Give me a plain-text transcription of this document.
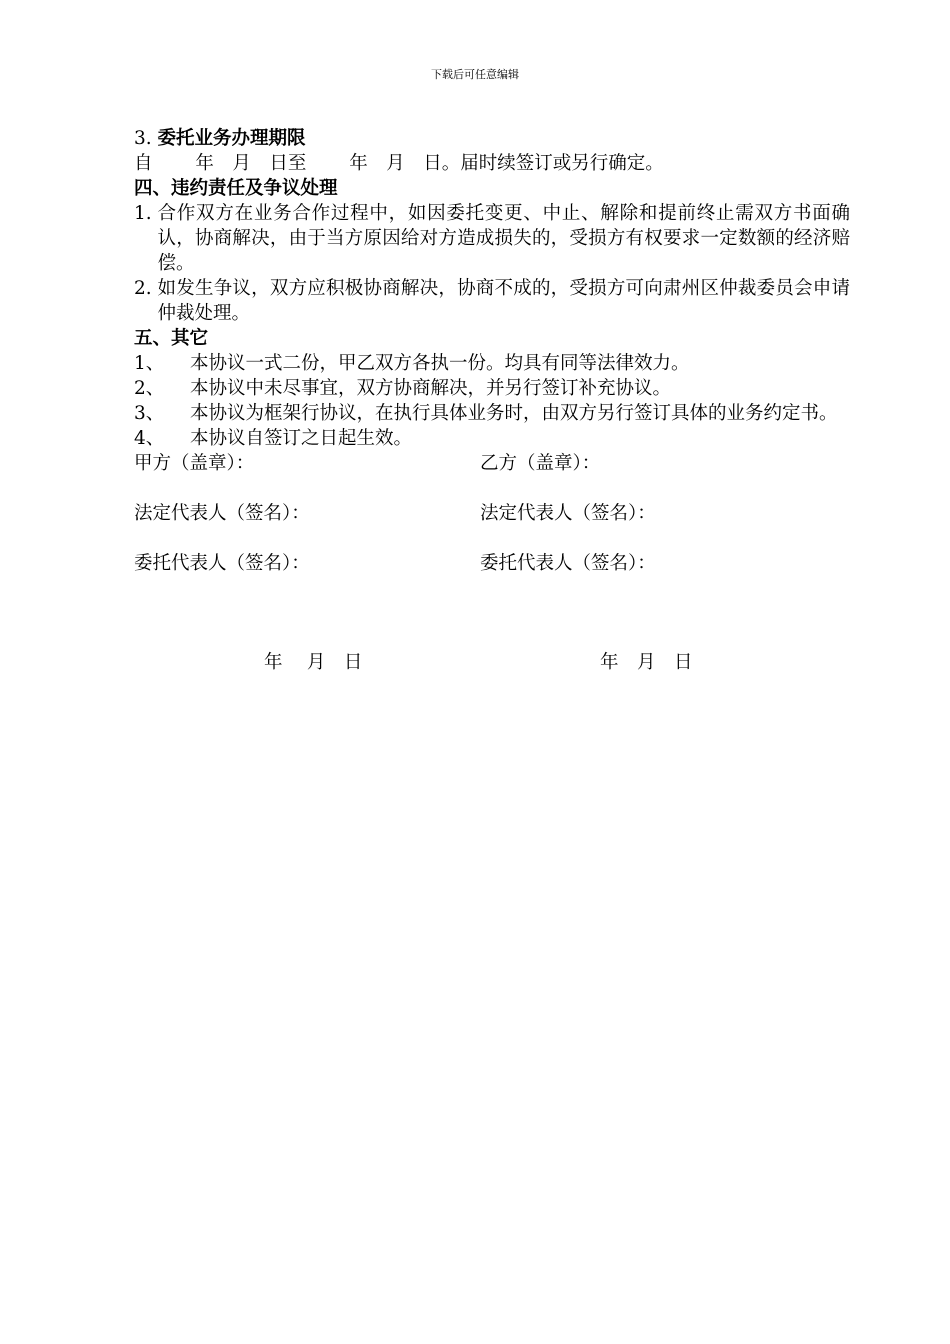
下载后可任意编辑
3. 委托业务办理期限
自　　 年　月　日至　　 年　月　日。届时续签订或另行确定。
四、违约责任及争议处理
1.
合作双方在业务合作过程中，如因委托变更、中止、解除和提前终止需双方书面确认，协商解决，由于当方原因给对方造成损失的，受损方有权要求一定数额的经济赔偿。
2.
如发生争议，双方应积极协商解决，协商不成的，受损方可向肃州区仲裁委员会申请仲裁处理。
五、其它
1、	本协议一式二份，甲乙双方各执一份。均具有同等法律效力。
2、	本协议中未尽事宜，双方协商解决，并另行签订补充协议。
3、	本协议为框架行协议，在执行具体业务时，由双方另行签订具体的业务约定书。
4、	本协议自签订之日起生效。
甲方（盖章）：	乙方（盖章）：
法定代表人（签名）：	法定代表人（签名）：
委托代表人（签名）：	委托代表人（签名）：
年　 月　日	年　月　日
